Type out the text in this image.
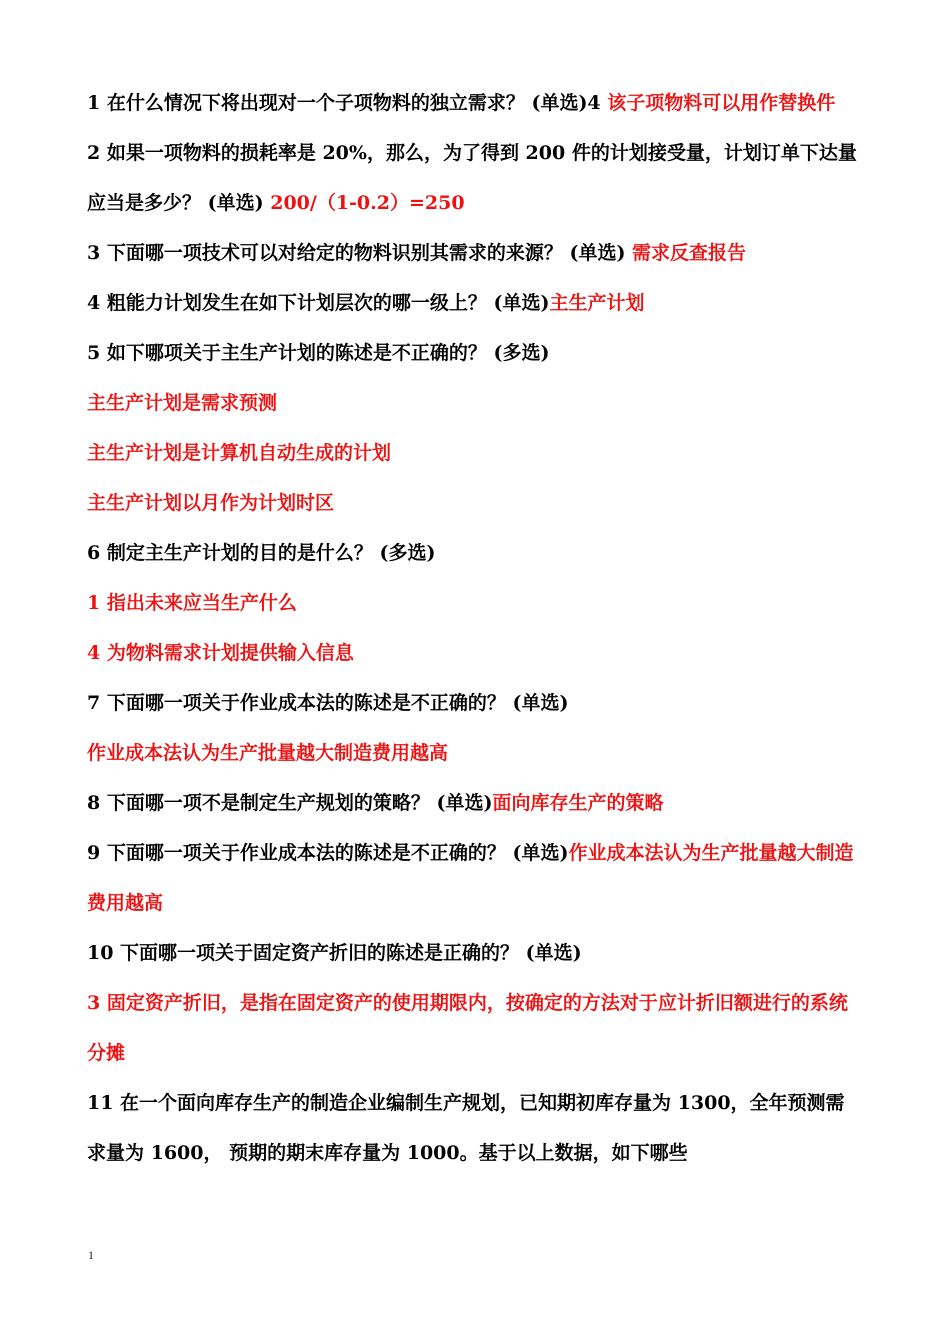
1 在什么情况下将出现对一个子项物料的独立需求？ (单选)4 该子项物料可以用作替换件

2 如果一项物料的损耗率是 20%，那么，为了得到 200 件的计划接受量，计划订单下达量应当是多少？ (单选) 200/（1-0.2）=250

3 下面哪一项技术可以对给定的物料识别其需求的来源？ (单选) 需求反查报告

4 粗能力计划发生在如下计划层次的哪一级上？ (单选)主生产计划

5 如下哪项关于主生产计划的陈述是不正确的？ (多选)

主生产计划是需求预测

主生产计划是计算机自动生成的计划

主生产计划以月作为计划时区

6 制定主生产计划的目的是什么？ (多选)

1 指出未来应当生产什么

4 为物料需求计划提供输入信息

7 下面哪一项关于作业成本法的陈述是不正确的？ (单选)

作业成本法认为生产批量越大制造费用越高

8 下面哪一项不是制定生产规划的策略？ (单选)面向库存生产的策略

9 下面哪一项关于作业成本法的陈述是不正确的？ (单选)作业成本法认为生产批量越大制造费用越高

10 下面哪一项关于固定资产折旧的陈述是正确的？ (单选)

3 固定资产折旧，是指在固定资产的使用期限内，按确定的方法对于应计折旧额进行的系统分摊

11 在一个面向库存生产的制造企业编制生产规划，已知期初库存量为 1300，全年预测需求量为 1600， 预期的期末库存量为 1000。基于以上数据，如下哪些

1
